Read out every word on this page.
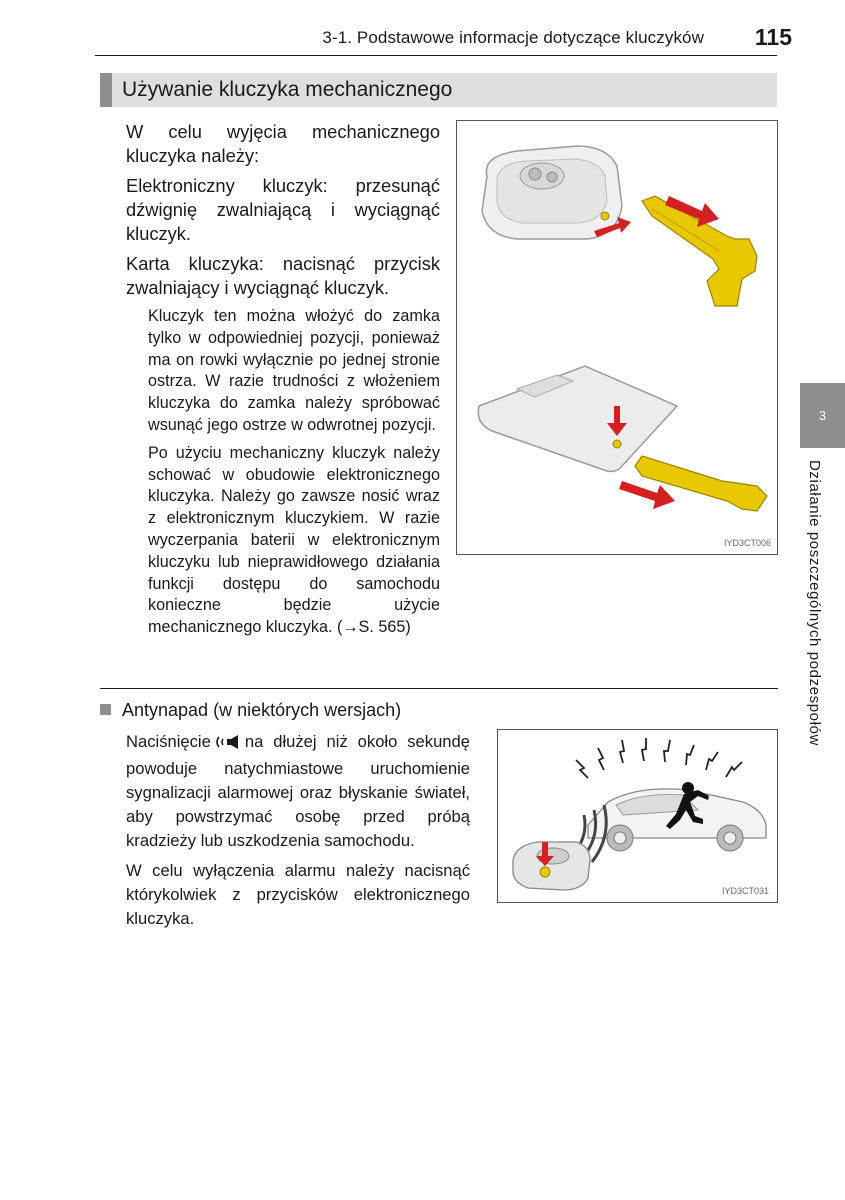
3-1. Podstawowe informacje dotyczące kluczyków	115
Używanie kluczyka mechanicznego

W celu wyjęcia mechanicznego kluczyka należy:

Elektroniczny kluczyk: przesunąć dźwignię zwalniającą i wyciągnąć kluczyk.

Karta kluczyka: nacisnąć przycisk zwalniający i wyciągnąć kluczyk.

Kluczyk ten można włożyć do zamka tylko w odpowiedniej pozycji, ponieważ ma on rowki wyłącznie po jednej stronie ostrza. W razie trudności z włożeniem kluczyka do zamka należy spróbować wsunąć jego ostrze w odwrotnej pozycji.

Po użyciu mechaniczny kluczyk należy schować w obudowie elektronicznego kluczyka. Należy go zawsze nosić wraz z elektronicznym kluczykiem. W razie wyczerpania baterii w elektronicznym kluczyku lub nieprawidłowego działania funkcji dostępu do samochodu konieczne będzie użycie mechanicznego kluczyka. (→S. 565)

IYD3CT006
Antynapad (w niektórych wersjach)

Naciśnięcie na dłużej niż około sekundę powoduje natychmiastowe uruchomienie sygnalizacji alarmowej oraz błyskanie świateł, aby powstrzymać osobę przed próbą kradzieży lub uszkodzenia samochodu.

W celu wyłączenia alarmu należy nacisnąć którykolwiek z przycisków elektronicznego kluczyka.

IYD3CT031
3
Działanie poszczególnych podzespołów
